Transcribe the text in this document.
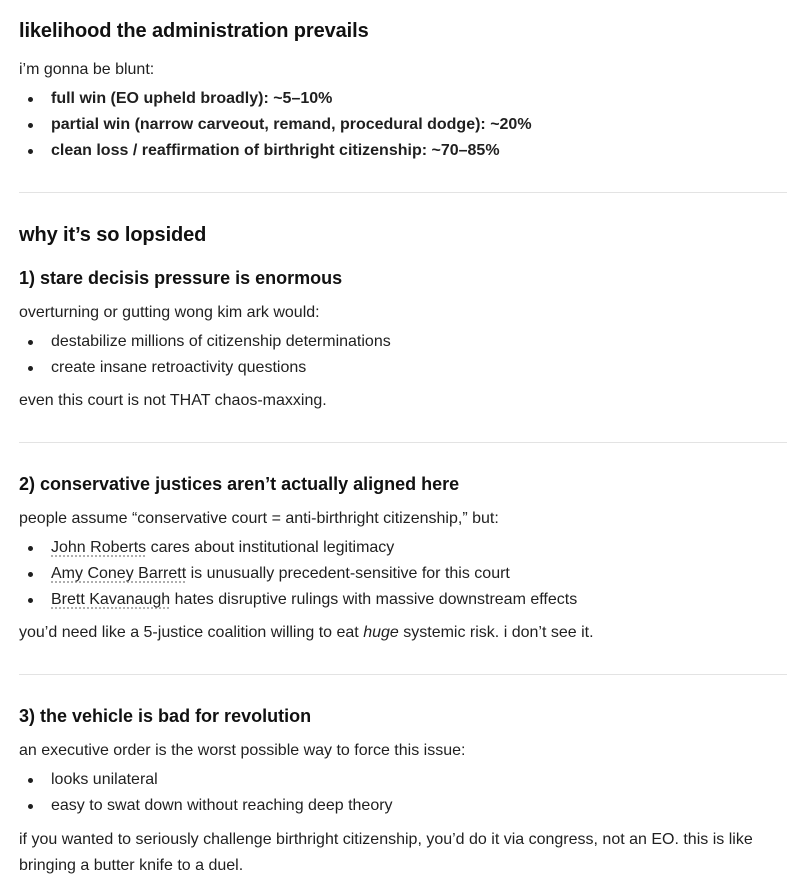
likelihood the administration prevails

i’m gonna be blunt:

full win (EO upheld broadly): ~5–10%
partial win (narrow carveout, remand, procedural dodge): ~20%
clean loss / reaffirmation of birthright citizenship: ~70–85%
why it’s so lopsided
1) stare decisis pressure is enormous

overturning or gutting wong kim ark would:

destabilize millions of citizenship determinations
create insane retroactivity questions

even this court is not THAT chaos-maxxing.

2) conservative justices aren’t actually aligned here

people assume “conservative court = anti-birthright citizenship,” but:

John Roberts cares about institutional legitimacy
Amy Coney Barrett is unusually precedent-sensitive for this court
Brett Kavanaugh hates disruptive rulings with massive downstream effects

you’d need like a 5-justice coalition willing to eat huge systemic risk. i don’t see it.

3) the vehicle is bad for revolution

an executive order is the worst possible way to force this issue:

looks unilateral
easy to swat down without reaching deep theory

if you wanted to seriously challenge birthright citizenship, you’d do it via congress, not an EO. this is like bringing a butter knife to a duel.
